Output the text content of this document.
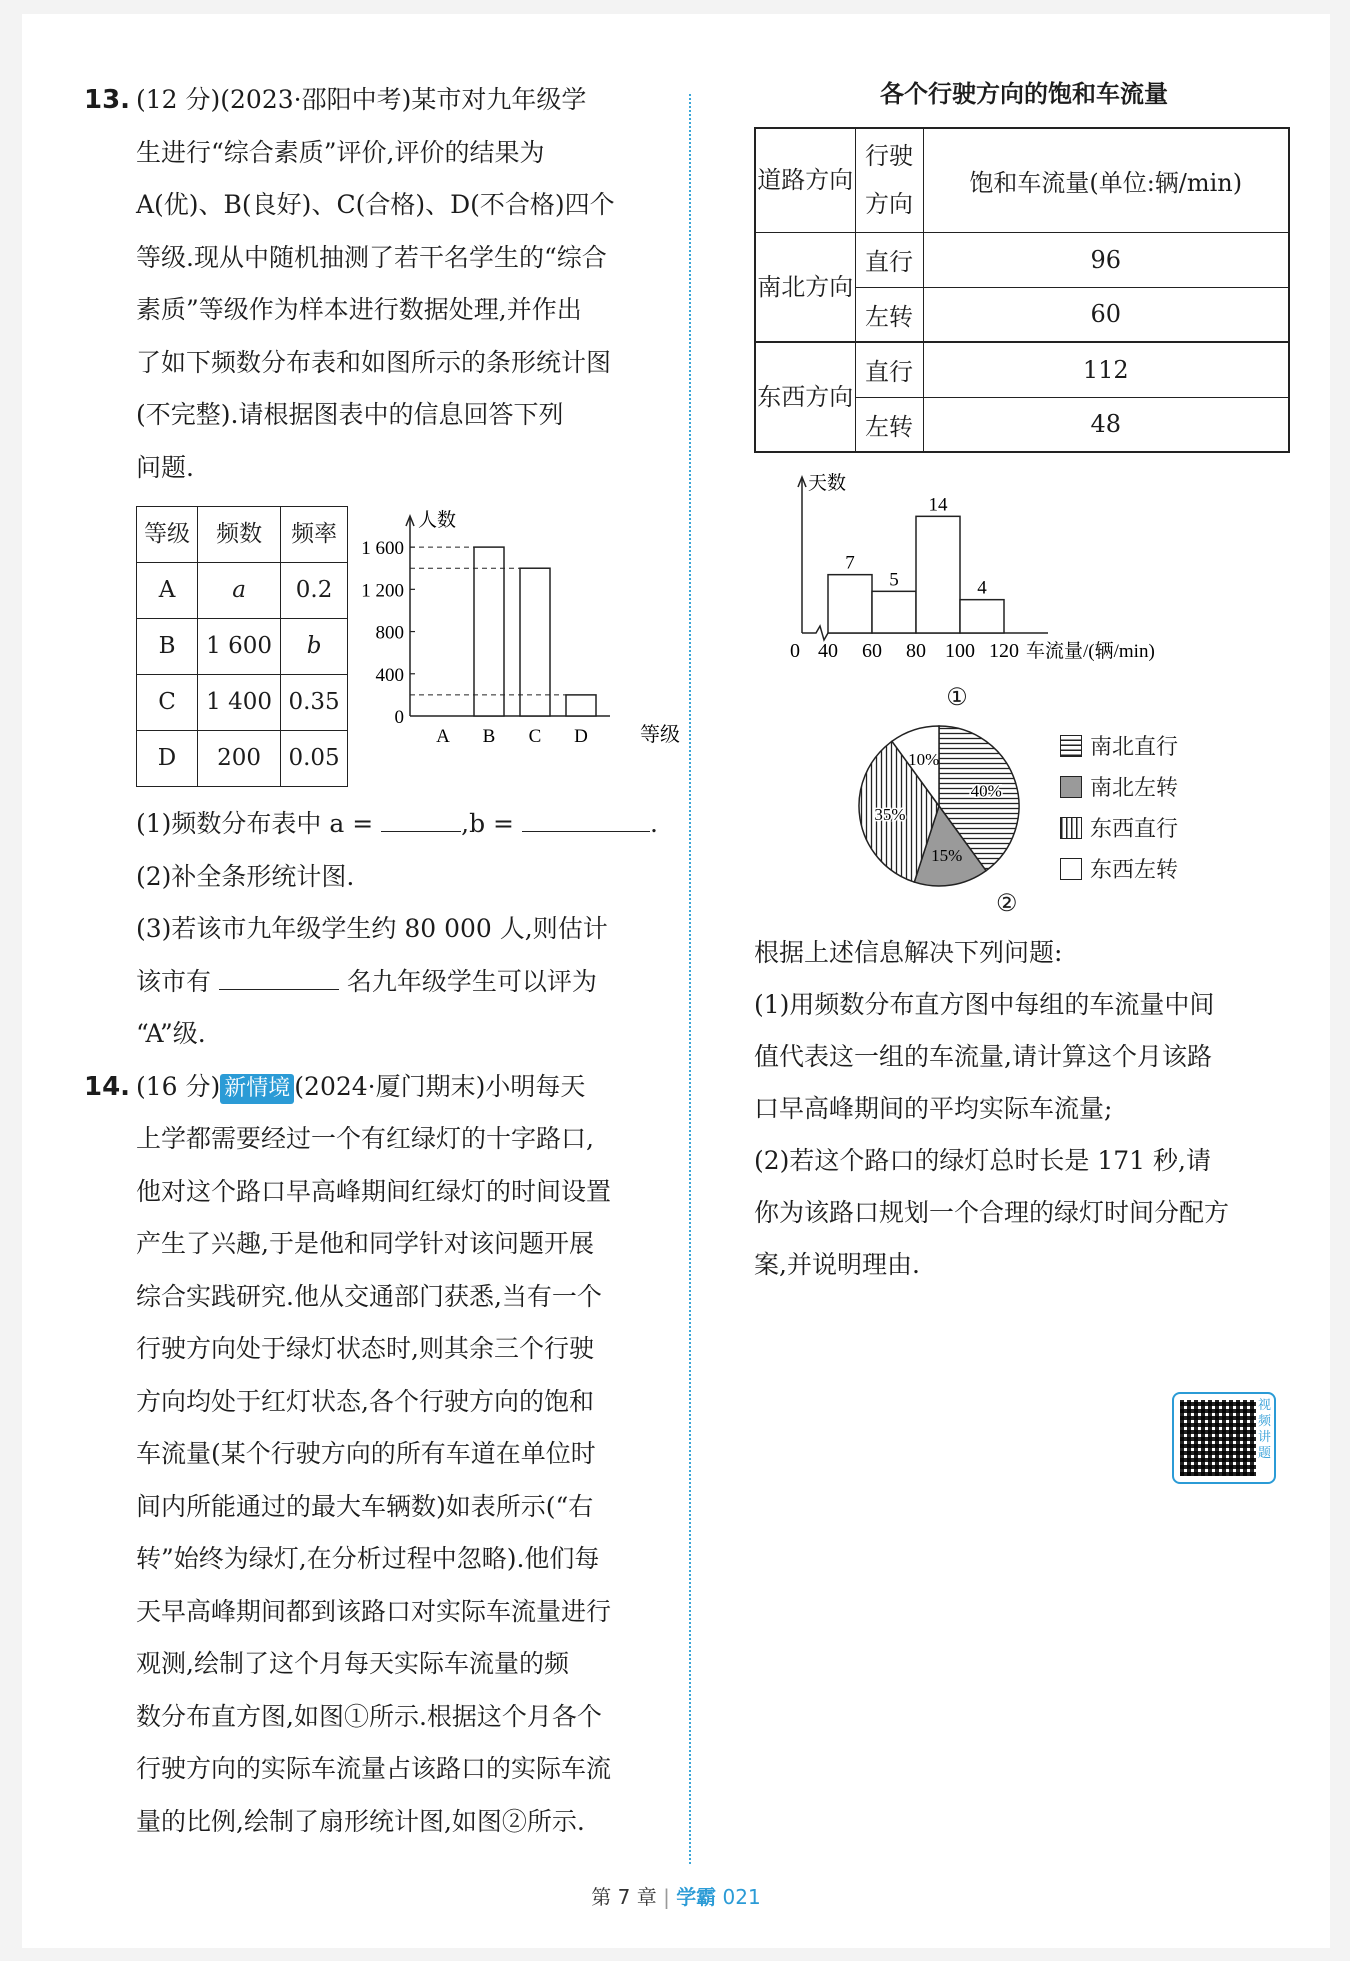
13. (12 分)(2023·邵阳中考)某市对九年级学
生进行“综合素质”评价,评价的结果为
A(优)、B(良好)、C(合格)、D(不合格)四个
等级.现从中随机抽测了若干名学生的“综合
素质”等级作为样本进行数据处理,并作出
了如下频数分布表和如图所示的条形统计图
(不完整).请根据图表中的信息回答下列
问题.
等级	频数	频率
A	a	0.2
B	1 600	b
C	1 400	0.35
D	200	0.05
人数
等级
0
400
800
1 200
1 600
A B C D
(1)频数分布表中 a =	,b =	.
(2)补全条形统计图.
(3)若该市九年级学生约 80 000 人,则估计
该市有	名九年级学生可以评为
“A”级.
14. (16 分) 新情境 (2024·厦门期末)小明每天
上学都需要经过一个有红绿灯的十字路口,
他对这个路口早高峰期间红绿灯的时间设置
产生了兴趣,于是他和同学针对该问题开展
综合实践研究.他从交通部门获悉,当有一个
行驶方向处于绿灯状态时,则其余三个行驶
方向均处于红灯状态,各个行驶方向的饱和
车流量(某个行驶方向的所有车道在单位时
间内所能通过的最大车辆数)如表所示(“右
转”始终为绿灯,在分析过程中忽略).他们每
天早高峰期间都到该路口对实际车流量进行
观测,绘制了这个月每天实际车流量的频
数分布直方图,如图①所示.根据这个月各个
行驶方向的实际车流量占该路口的实际车流
量的比例,绘制了扇形统计图,如图②所示.
各个行驶方向的饱和车流量
道路方向	行驶方向	饱和车流量(单位:辆/min)
南北方向	直行	96
	左转	60
东西方向	直行	112
	左转	48
天数
0 40 60 80 100 120 车流量/(辆/min)
7
5
14
4
①
40%
15%
35%
10%	南北直行
南北左转
东西直行
东西左转
②
根据上述信息解决下列问题:
(1)用频数分布直方图中每组的车流量中间
值代表这一组的车流量,请计算这个月该路
口早高峰期间的平均实际车流量;
(2)若这个路口的绿灯总时长是 171 秒,请
你为该路口规划一个合理的绿灯时间分配方
案,并说明理由.
视频讲题
第 7 章 | 学霸 021
